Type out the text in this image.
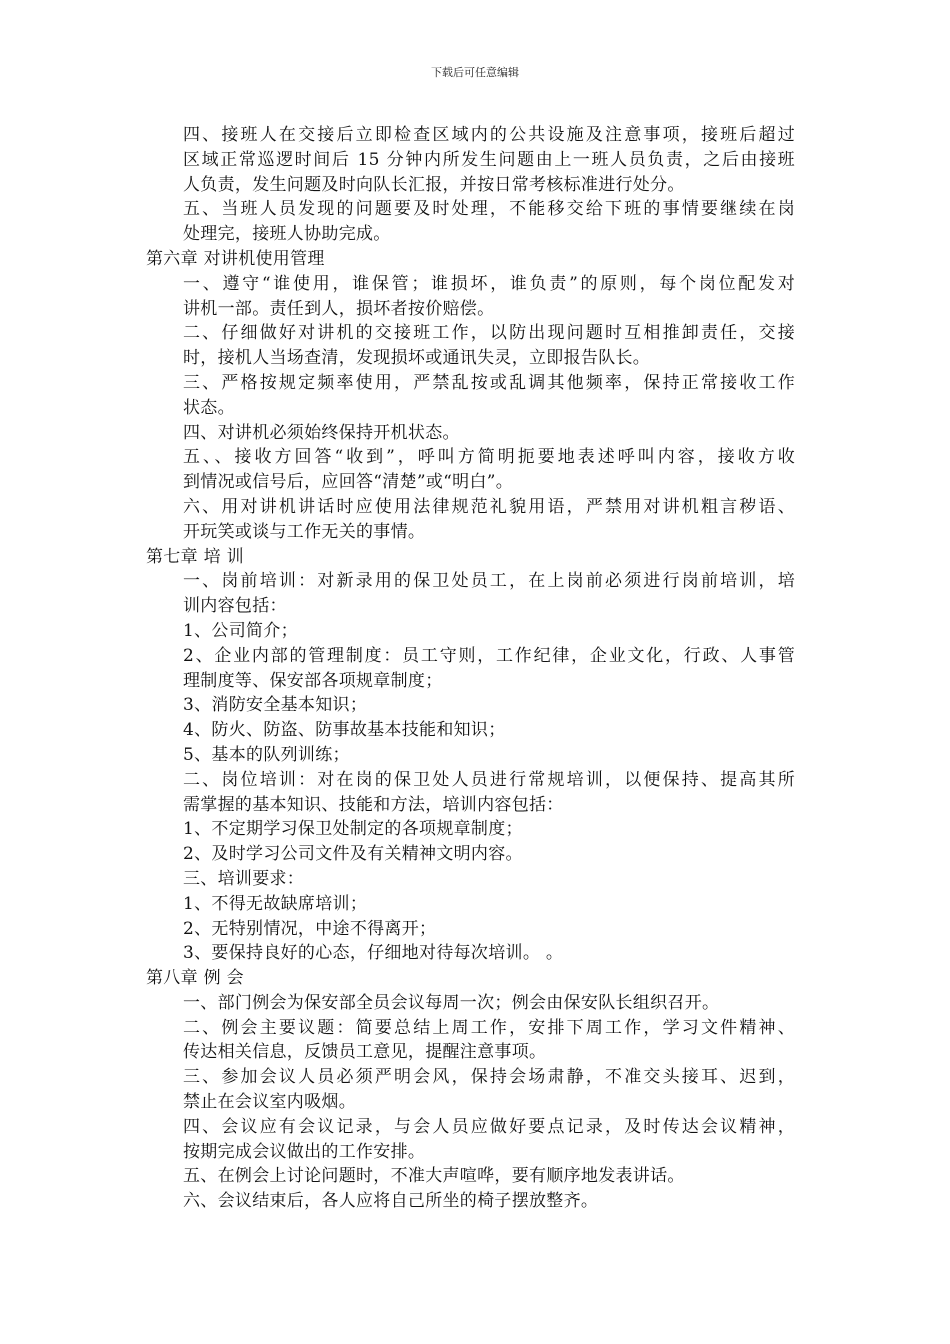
下载后可任意编辑
四、接班人在交接后立即检查区域内的公共设施及注意事项，接班后超过
区域正常巡逻时间后 15 分钟内所发生问题由上一班人员负责，之后由接班
人负责，发生问题及时向队长汇报，并按日常考核标准进行处分。
五、当班人员发现的问题要及时处理，不能移交给下班的事情要继续在岗
处理完，接班人协助完成。
第六章 对讲机使用管理
一、遵守“谁使用，谁保管；谁损坏，谁负责”的原则，每个岗位配发对
讲机一部。责任到人，损坏者按价赔偿。
二、仔细做好对讲机的交接班工作，以防出现问题时互相推卸责任，交接
时，接机人当场查清，发现损坏或通讯失灵，立即报告队长。
三、严格按规定频率使用，严禁乱按或乱调其他频率，保持正常接收工作
状态。
四、对讲机必须始终保持开机状态。
五、、接收方回答“收到”，呼叫方简明扼要地表述呼叫内容，接收方收
到情况或信号后，应回答“清楚”或“明白”。
六、用对讲机讲话时应使用法律规范礼貌用语，严禁用对讲机粗言秽语、
开玩笑或谈与工作无关的事情。
第七章 培 训
一、岗前培训：对新录用的保卫处员工，在上岗前必须进行岗前培训，培
训内容包括：
1、公司简介；
2、企业内部的管理制度：员工守则，工作纪律，企业文化，行政、人事管
理制度等、保安部各项规章制度；
3、消防安全基本知识；
4、防火、防盗、防事故基本技能和知识；
5、基本的队列训练；
二、岗位培训：对在岗的保卫处人员进行常规培训，以便保持、提高其所
需掌握的基本知识、技能和方法，培训内容包括：
1、不定期学习保卫处制定的各项规章制度；
2、及时学习公司文件及有关精神文明内容。
三、培训要求：
1、不得无故缺席培训；
2、无特别情况，中途不得离开；
3、要保持良好的心态，仔细地对待每次培训。 。
第八章 例 会
一、部门例会为保安部全员会议每周一次；例会由保安队长组织召开。
二、例会主要议题：简要总结上周工作，安排下周工作，学习文件精神、
传达相关信息，反馈员工意见，提醒注意事项。
三、参加会议人员必须严明会风，保持会场肃静，不准交头接耳、迟到，
禁止在会议室内吸烟。
四、会议应有会议记录，与会人员应做好要点记录，及时传达会议精神，
按期完成会议做出的工作安排。
五、在例会上讨论问题时，不准大声喧哗，要有顺序地发表讲话。
六、会议结束后，各人应将自己所坐的椅子摆放整齐。
